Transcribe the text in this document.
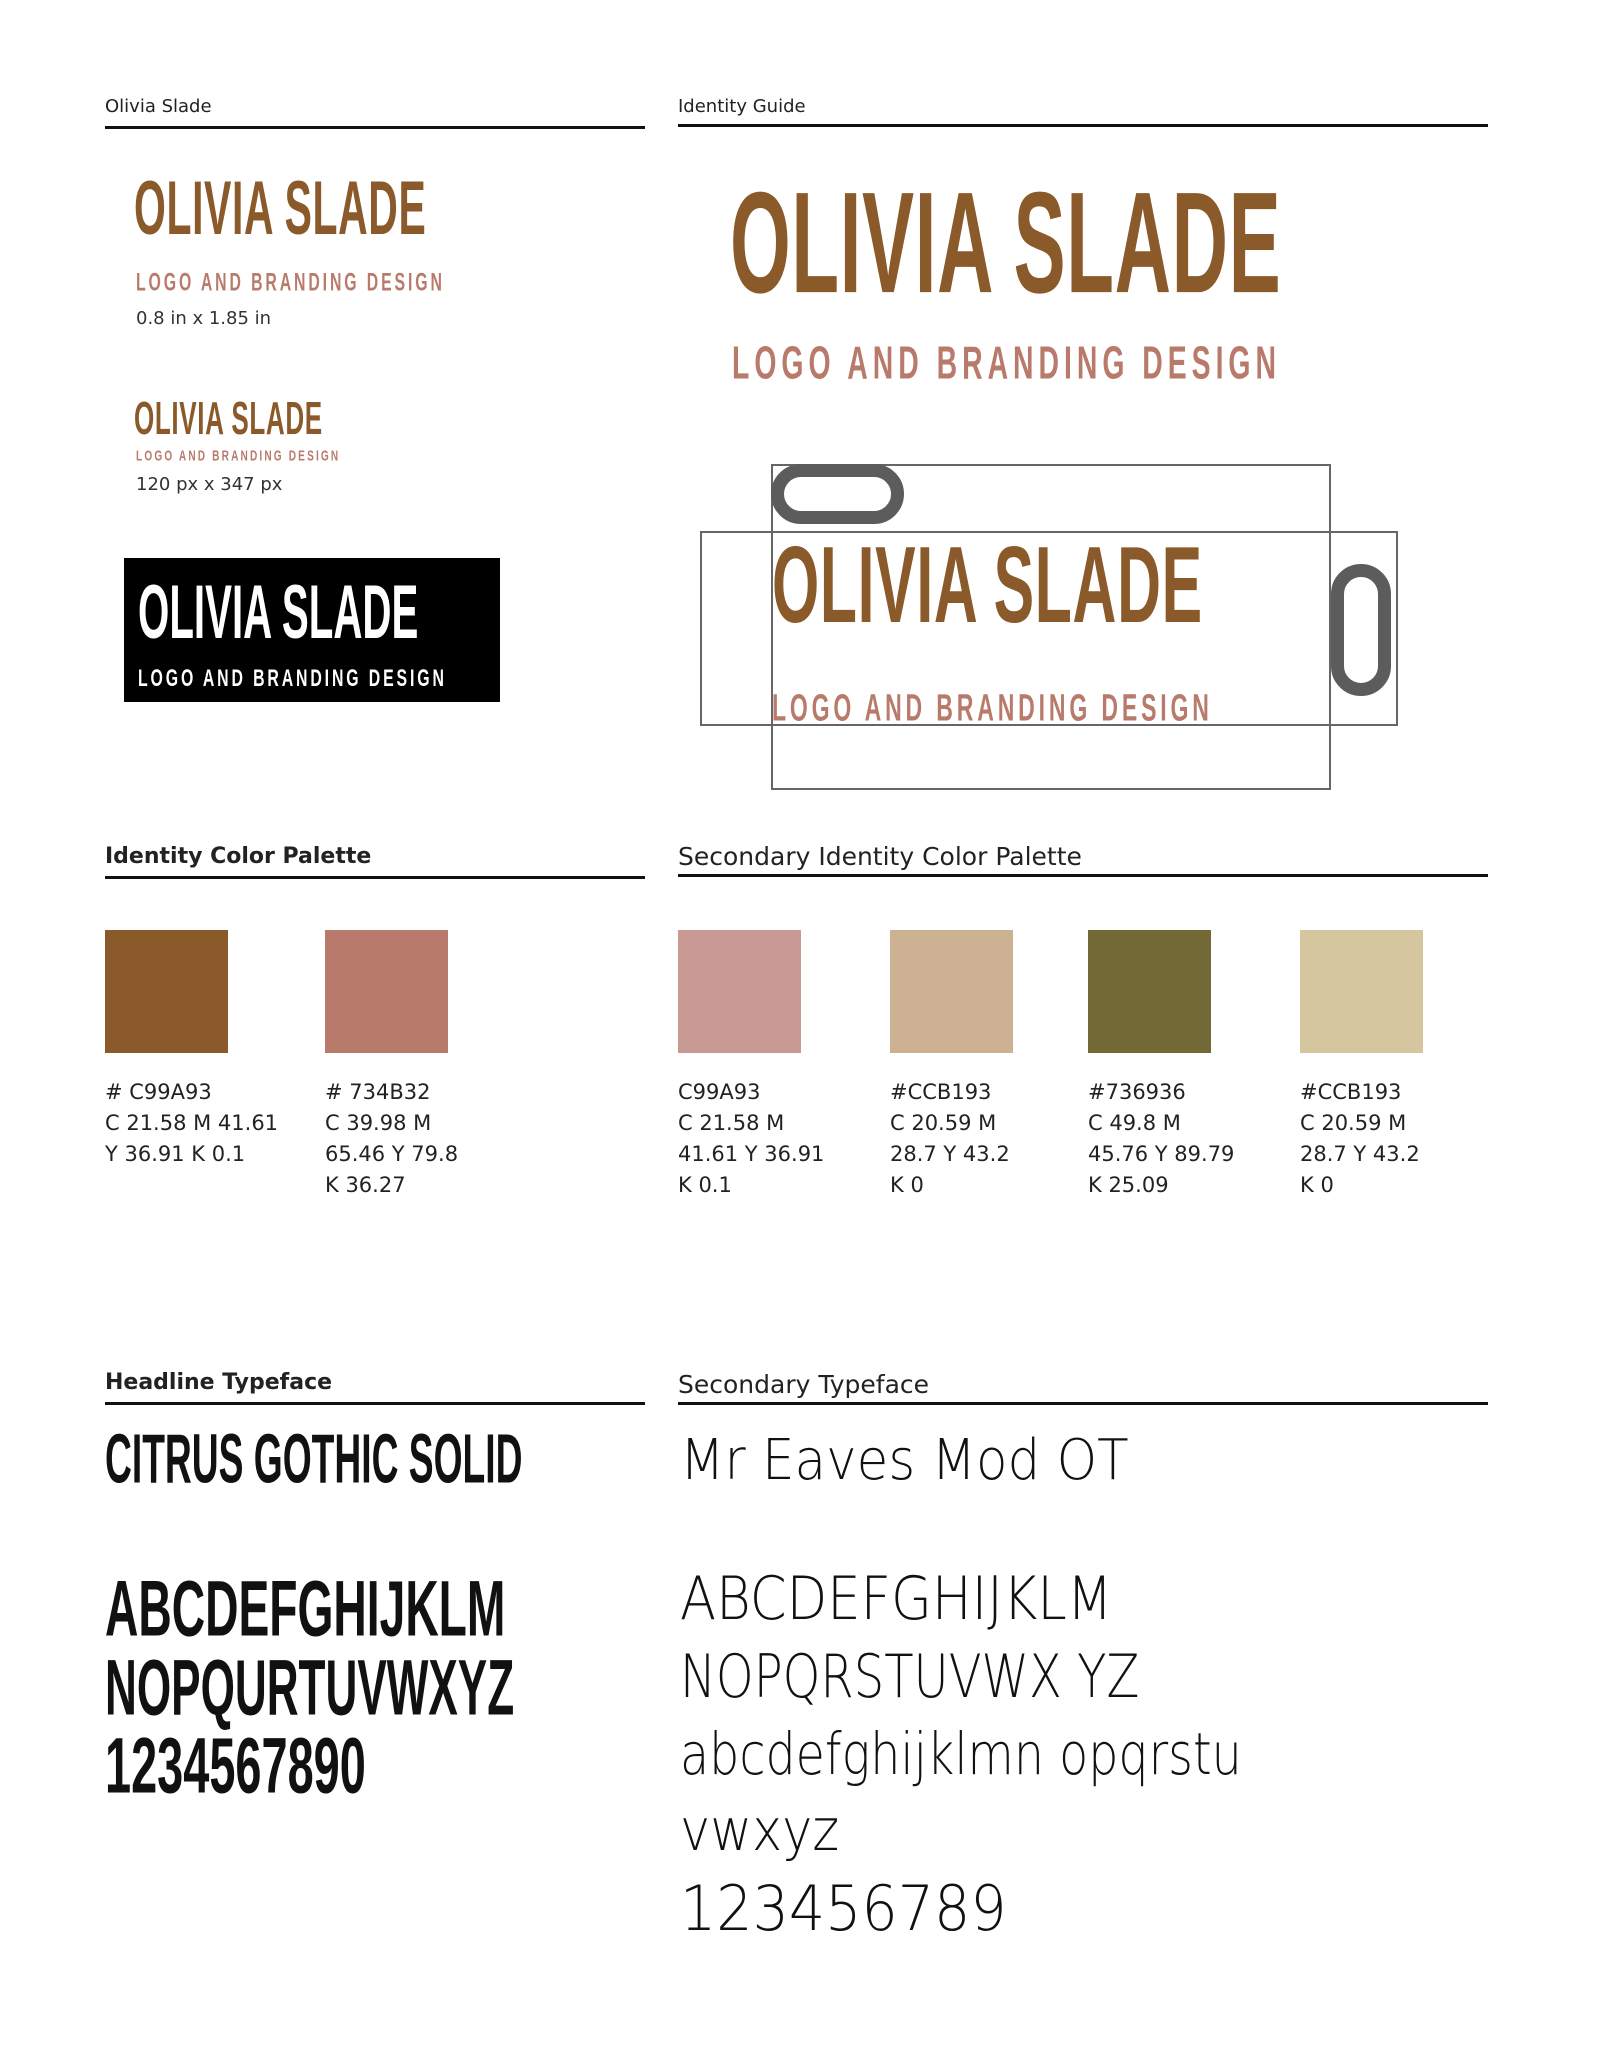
Olivia Slade	Identity Guide
OLIVIA SLADE
LOGO AND BRANDING DESIGN
0.8 in x 1.85 in
OLIVIA SLADE
LOGO AND BRANDING DESIGN
120 px x 347 px
OLIVIA SLADE
LOGO AND BRANDING DESIGN
OLIVIA SLADE
LOGO AND BRANDING DESIGN
OLIVIA SLADE
LOGO AND BRANDING DESIGN
Identity Color Palette	Secondary Identity Color Palette
# C99A93
C 21.58 M 41.61
Y 36.91 K 0.1
# 734B32
C 39.98 M
65.46 Y 79.8
K 36.27
C99A93
C 21.58 M
41.61 Y 36.91
K 0.1
#CCB193
C 20.59 M
28.7 Y 43.2
K 0
#736936
C 49.8 M
45.76 Y 89.79
K 25.09
#CCB193
C 20.59 M
28.7 Y 43.2
K 0
Headline Typeface	Secondary Typeface
CITRUS GOTHIC SOLID
ABCDEFGHIJKLM
NOPQURTUVWXYZ
1234567890
Mr Eaves Mod OT
ABCDEFGHIJKLM
NOPQRSTUVWX YZ
abcdefghijklmn opqrstu
vwxyz
123456789
